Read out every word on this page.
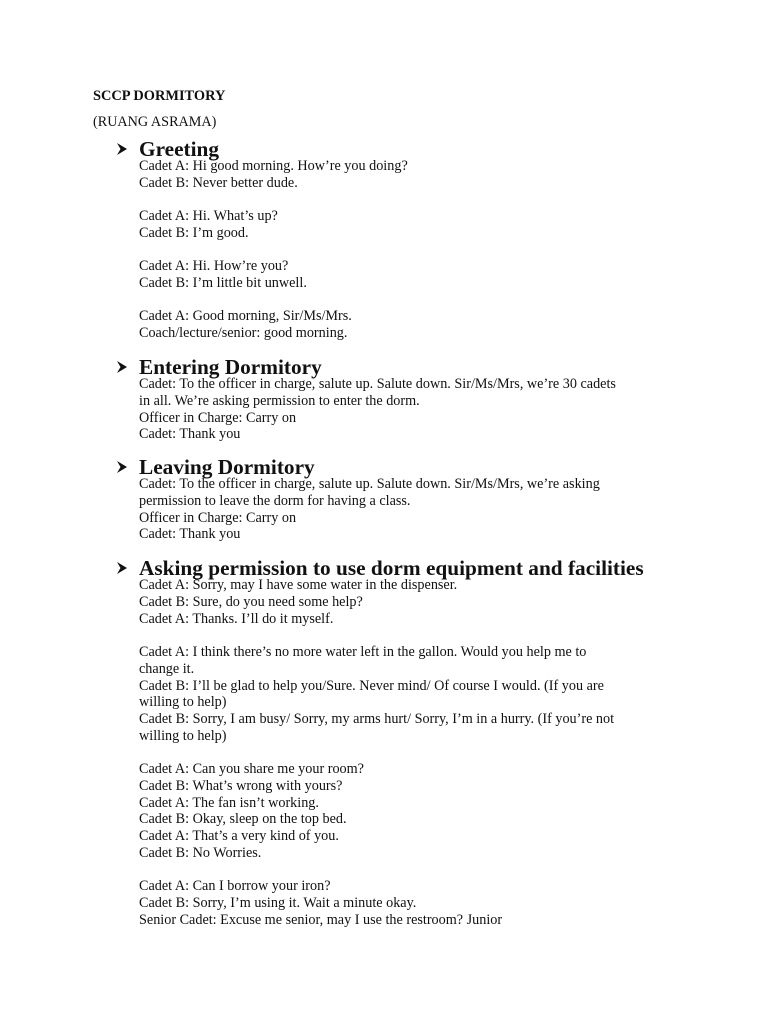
SCCP DORMITORY
(RUANG ASRAMA)
Greeting
Cadet A: Hi good morning. How’re you doing?
Cadet B: Never better dude.
Cadet A: Hi. What’s up?
Cadet B: I’m good.
Cadet A: Hi. How’re you?
Cadet B: I’m little bit unwell.
Cadet A: Good morning, Sir/Ms/Mrs.
Coach/lecture/senior: good morning.
Entering Dormitory
Cadet: To the officer in charge, salute up. Salute down. Sir/Ms/Mrs, we’re 30 cadets
in all. We’re asking permission to enter the dorm.
Officer in Charge: Carry on
Cadet: Thank you
Leaving Dormitory
Cadet: To the officer in charge, salute up. Salute down. Sir/Ms/Mrs, we’re asking
permission to leave the dorm for having a class.
Officer in Charge: Carry on
Cadet: Thank you
Asking permission to use dorm equipment and facilities
Cadet A: Sorry, may I have some water in the dispenser.
Cadet B: Sure, do you need some help?
Cadet A: Thanks. I’ll do it myself.
Cadet A: I think there’s no more water left in the gallon. Would you help me to
change it.
Cadet B: I’ll be glad to help you/Sure. Never mind/ Of course I would. (If you are
willing to help)
Cadet B: Sorry, I am busy/ Sorry, my arms hurt/ Sorry, I’m in a hurry. (If you’re not
willing to help)
Cadet A: Can you share me your room?
Cadet B: What’s wrong with yours?
Cadet A: The fan isn’t working.
Cadet B: Okay, sleep on the top bed.
Cadet A: That’s a very kind of you.
Cadet B: No Worries.
Cadet A: Can I borrow your iron?
Cadet B: Sorry, I’m using it. Wait a minute okay.
Senior Cadet: Excuse me senior, may I use the restroom? Junior
